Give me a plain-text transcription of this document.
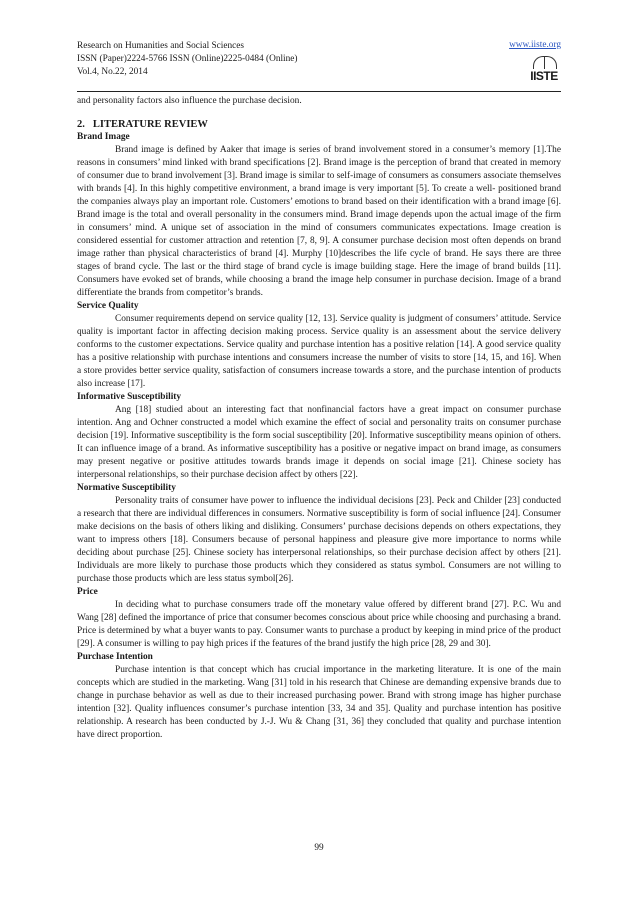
Research on Humanities and Social Sciences
ISSN (Paper)2224-5766 ISSN (Online)2225-0484 (Online)
Vol.4, No.22, 2014
www.iiste.org
IISTE

and personality factors also influence the purchase decision.

2. LITERATURE REVIEW
Brand Image

Brand image is defined by Aaker that image is series of brand involvement stored in a consumer’s memory [1].The reasons in consumers’ mind linked with brand specifications [2]. Brand image is the perception of brand that created in memory of consumer due to brand involvement [3]. Brand image is similar to self-image of consumers as consumers associate themselves with brands [4]. In this highly competitive environment, a brand image is very important [5]. To create a well- positioned brand the companies always play an important role. Customers’ emotions to brand based on their identification with a brand image [6]. Brand image is the total and overall personality in the consumers mind. Brand image depends upon the actual image of the firm in consumers’ mind. A unique set of association in the mind of consumers communicates expectations. Image creation is considered essential for customer attraction and retention [7, 8, 9]. A consumer purchase decision most often depends on brand image rather than physical characteristics of brand [4]. Murphy [10]describes the life cycle of brand. He says there are three stages of brand cycle. The last or the third stage of brand cycle is image building stage. Here the image of brand builds [11]. Consumers have evoked set of brands, while choosing a brand the image help consumer in purchase decision. Image of a brand differentiate the brands from competitor’s brands.

Service Quality

Consumer requirements depend on service quality [12, 13]. Service quality is judgment of consumers’ attitude. Service quality is important factor in affecting decision making process. Service quality is an assessment about the service delivery conforms to the customer expectations. Service quality and purchase intention has a positive relation [14]. A good service quality has a positive relationship with purchase intentions and consumers increase the number of visits to store [14, 15, and 16]. When a store provides better service quality, satisfaction of consumers increase towards a store, and the purchase intention of products also increase [17].

Informative Susceptibility

Ang [18] studied about an interesting fact that nonfinancial factors have a great impact on consumer purchase intention. Ang and Ochner constructed a model which examine the effect of social and personality traits on consumer purchase decision [19]. Informative susceptibility is the form social susceptibility [20]. Informative susceptibility means opinion of others. It can influence image of a brand. As informative susceptibility has a positive or negative impact on brand image, as consumers may present negative or positive attitudes towards brands image it depends on social image [21]. Chinese society has interpersonal relationships, so their purchase decision affect by others [22].

Normative Susceptibility

Personality traits of consumer have power to influence the individual decisions [23]. Peck and Childer [23] conducted a research that there are individual differences in consumers. Normative susceptibility is form of social influence [24]. Consumer make decisions on the basis of others liking and disliking. Consumers’ purchase decisions depends on others expectations, they want to impress others [18]. Consumers because of personal happiness and pleasure give more importance to norms while deciding about purchase [25]. Chinese society has interpersonal relationships, so their purchase decision affect by others [21]. Individuals are more likely to purchase those products which they considered as status symbol. Consumers are not willing to purchase those products which are less status symbol[26].

Price

In deciding what to purchase consumers trade off the monetary value offered by different brand [27]. P.C. Wu and Wang [28] defined the importance of price that consumer becomes conscious about price while choosing and purchasing a brand. Price is determined by what a buyer wants to pay. Consumer wants to purchase a product by keeping in mind price of the product [29]. A consumer is willing to pay high prices if the features of the brand justify the high price [28, 29 and 30].

Purchase Intention

Purchase intention is that concept which has crucial importance in the marketing literature. It is one of the main concepts which are studied in the marketing. Wang [31] told in his research that Chinese are demanding expensive brands due to change in purchase behavior as well as due to their increased purchasing power. Brand with strong image has higher purchase intention [32]. Quality influences consumer’s purchase intention [33, 34 and 35]. Quality and purchase intention has positive relationship. A research has been conducted by J.-J. Wu & Chang [31, 36] they concluded that quality and purchase intention have direct proportion.

99
